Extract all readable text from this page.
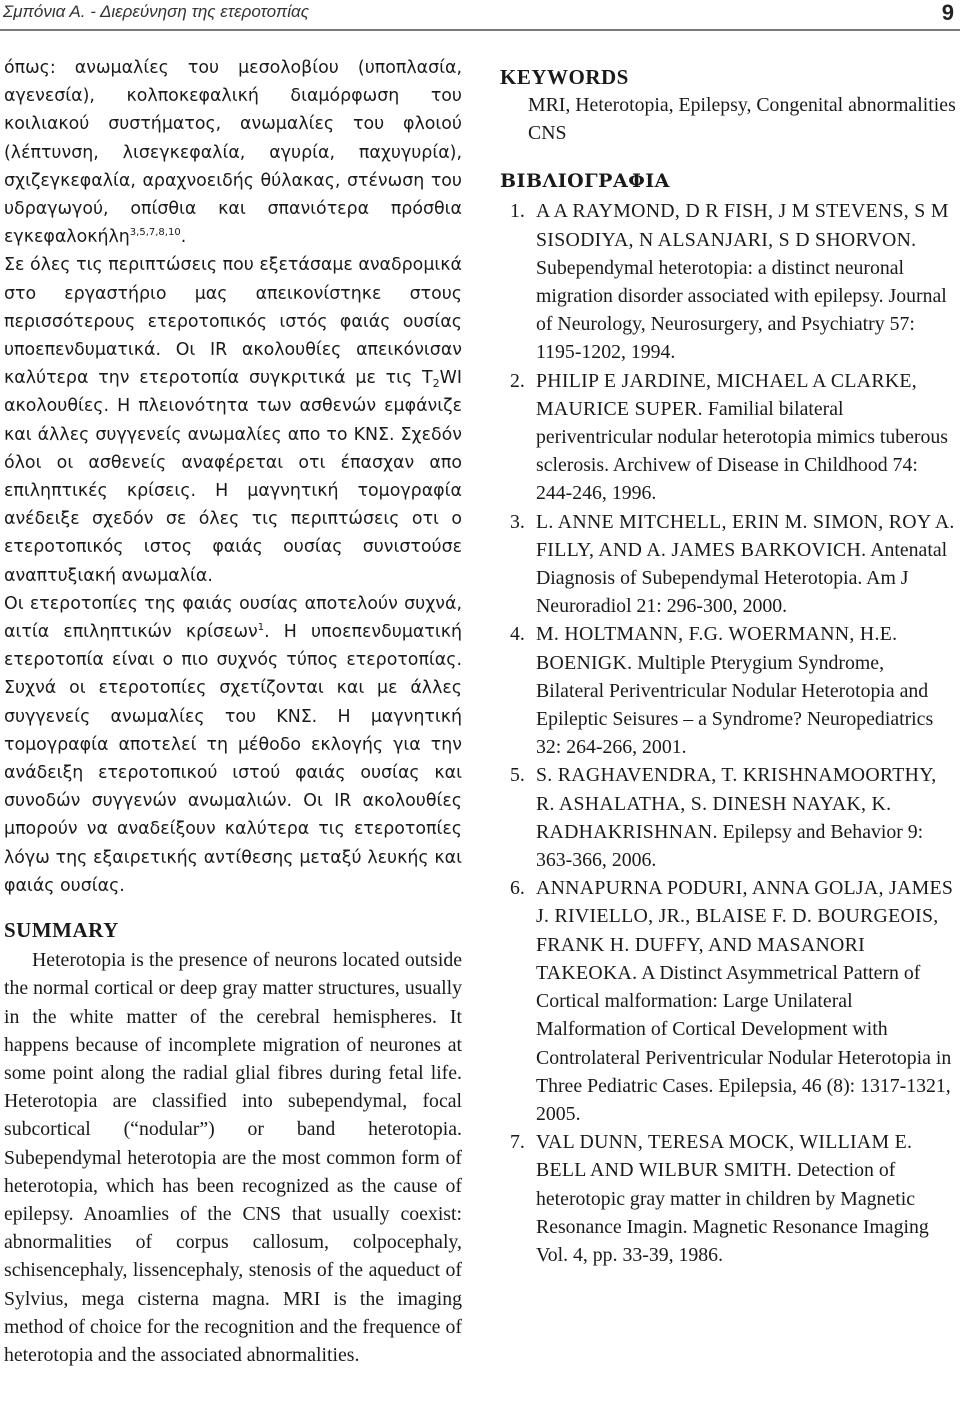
Σμπόνια Α. - Διερεύνηση της ετεροτοπίας	9

όπως: ανωμαλίες του μεσολοβίου (υποπλασία, αγενεσία), κολποκεφαλική διαμόρφωση του κοιλιακού συστήματος, ανωμαλίες του φλοιού (λέπτυνση, λισεγκεφαλία, αγυρία, παχυγυρία), σχιζεγκεφαλία, αραχνοειδής θύλακας, στένωση του υδραγωγού, οπίσθια και σπανιότερα πρόσθια εγκεφαλοκήλη$^{3,5,7,8,10}$.

Σε όλες τις περιπτώσεις που εξετάσαμε αναδρομικά στο εργαστήριο μας απεικονίστηκε στους περισσότερους ετεροτοπικός ιστός φαιάς ουσίας υποεπενδυματικά. Οι IR ακολουθίες απεικόνισαν καλύτερα την ετεροτοπία συγκριτικά με τις $T_2WI$ ακολουθίες. Η πλειονότητα των ασθενών εμφάνιζε και άλλες συγγενείς ανωμαλίες απο το ΚΝΣ. Σχεδόν όλοι οι ασθενείς αναφέρεται οτι έπασχαν απο επιληπτικές κρίσεις. Η μαγνητική τομογραφία ανέδειξε σχεδόν σε όλες τις περιπτώσεις οτι ο ετεροτοπικός ιστος φαιάς ουσίας συνιστούσε αναπτυξιακή ανωμαλία.

Οι ετεροτοπίες της φαιάς ουσίας αποτελούν συχνά, αιτία επιληπτικών κρίσεων$^1$. Η υποεπενδυματική ετεροτοπία είναι ο πιο συχνός τύπος ετεροτοπίας. Συχνά οι ετεροτοπίες σχετίζονται και με άλλες συγγενείς ανωμαλίες του ΚΝΣ. Η μαγνητική τομογραφία αποτελεί τη μέθοδο εκλογής για την ανάδειξη ετεροτοπικού ιστού φαιάς ουσίας και συνοδών συγγενών ανωμαλιών. Οι IR ακολουθίες μπορούν να αναδείξουν καλύτερα τις ετεροτοπίες λόγω της εξαιρετικής αντίθεσης μεταξύ λευκής και φαιάς ουσίας.

SUMMARY

Heterotopia is the presence of neurons located outside the normal cortical or deep gray matter structures, usually in the white matter of the cerebral hemispheres. It happens because of incomplete migration of neurones at some point along the radial glial fibres during fetal life. Heterotopia are classified into subependymal, focal subcortical (“nodular”) or band heterotopia. Subependymal heterotopia are the most common form of heterotopia, which has been recognized as the cause of epilepsy. Anoamlies of the CNS that usually coexist: abnormalities of corpus callosum, colpocephaly, schisencephaly, lissencephaly, stenosis of the aqueduct of Sylvius, mega cisterna magna. MRI is the imaging method of choice for the recognition and the frequence of heterotopia and the associated abnormalities.

KEYWORDS

MRI, Heterotopia, Epilepsy, Congenital abnormalities CNS

ΒΙΒΛΙΟΓΡΑΦΙΑ
1. A A RAYMOND, D R FISH, J M STEVENS, S M SISODIYA, N ALSANJARI, S D SHORVON. Subependymal heterotopia: a distinct neuronal migration disorder associated with epilepsy. Journal of Neurology, Neurosurgery, and Psychiatry 57: 1195-1202, 1994.
2. PHILIP E JARDINE, MICHAEL A CLARKE, MAURICE SUPER. Familial bilateral periventricular nodular heterotopia mimics tuberous sclerosis. Archivew of Disease in Childhood 74: 244-246, 1996.
3. L. ANNE MITCHELL, ERIN M. SIMON, ROY A. FILLY, AND A. JAMES BARKOVICH. Antenatal Diagnosis of Subependymal Heterotopia. Am J Neuroradiol 21: 296-300, 2000.
4. M. HOLTMANN, F.G. WOERMANN, H.E. BOENIGK. Multiple Pterygium Syndrome, Bilateral Periventricular Nodular Heterotopia and Epileptic Seisures – a Syndrome? Neuropediatrics 32: 264-266, 2001.
5. S. RAGHAVENDRA, T. KRISHNAMOORTHY, R. ASHALATHA, S. DINESH NAYAK, K. RADHAKRISHNAN. Epilepsy and Behavior 9: 363-366, 2006.
6. ANNAPURNA PODURI, ANNA GOLJA, JAMES J. RIVIELLO, JR., BLAISE F. D. BOURGEOIS, FRANK H. DUFFY, AND MASANORI TAKEOKA. A Distinct Asymmetrical Pattern of Cortical malformation: Large Unilateral Malformation of Cortical Development with Controlateral Periventricular Nodular Heterotopia in Three Pediatric Cases. Epilepsia, 46 (8): 1317-1321, 2005.
7. VAL DUNN, TERESA MOCK, WILLIAM E. BELL AND WILBUR SMITH. Detection of heterotopic gray matter in children by Magnetic Resonance Imagin. Magnetic Resonance Imaging Vol. 4, pp. 33-39, 1986.
